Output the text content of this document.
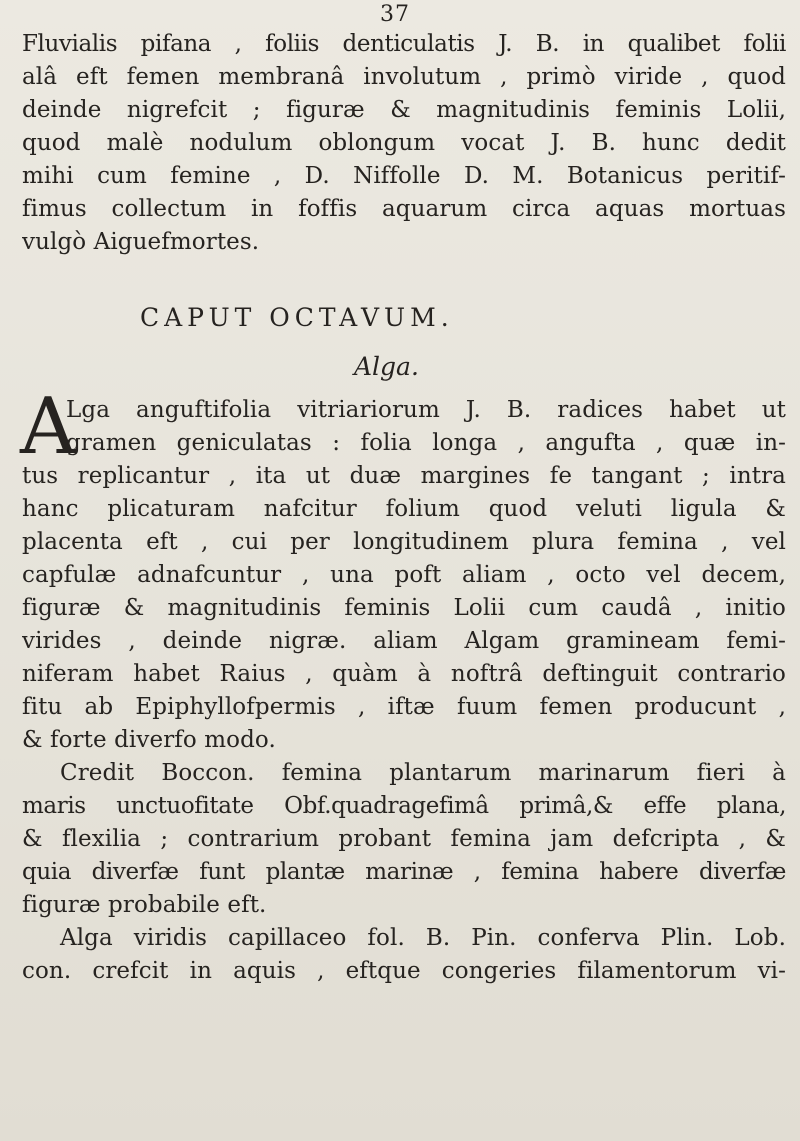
37
Fluvialis pifana , foliis denticulatis J. B. in qualibet folii
alâ eft femen membranâ involutum , primò viride , quod
deinde nigrefcit ; figuræ & magnitudinis feminis Lolii,
quod malè nodulum oblongum vocat J. B. hunc dedit
mihi cum femine , D. Niffolle D. M. Botanicus peritif-
fimus collectum in foffis aquarum circa aquas mortuas
vulgò Aiguefmortes.
CAPUT OCTAVUM.
Alga.
A
Lga anguftifolia vitriariorum J. B. radices habet ut
gramen geniculatas : folia longa , angufta , quæ in-
tus replicantur , ita ut duæ margines fe tangant ; intra
hanc plicaturam nafcitur folium quod veluti ligula &
placenta eft , cui per longitudinem plura femina , vel
capfulæ adnafcuntur , una poft aliam , octo vel decem,
figuræ & magnitudinis feminis Lolii cum caudâ , initio
virides , deinde nigræ. aliam Algam gramineam femi-
niferam habet Raius , quàm à noftrâ deftinguit contrario
fitu ab Epiphyllofpermis , iftæ fuum femen producunt ,
& forte diverfo modo.
Credit Boccon. femina plantarum marinarum fieri à
maris unctuofitate Obf.quadragefimâ primâ,& effe plana,
& flexilia ; contrarium probant femina jam defcripta , &
quia diverfæ funt plantæ marinæ , femina habere diverfæ
figuræ probabile eft.
Alga viridis capillacео fol. B. Pin. conferva Plin. Lob.
con. crefcit in aquis , eftque congeries filamentorum vi-
